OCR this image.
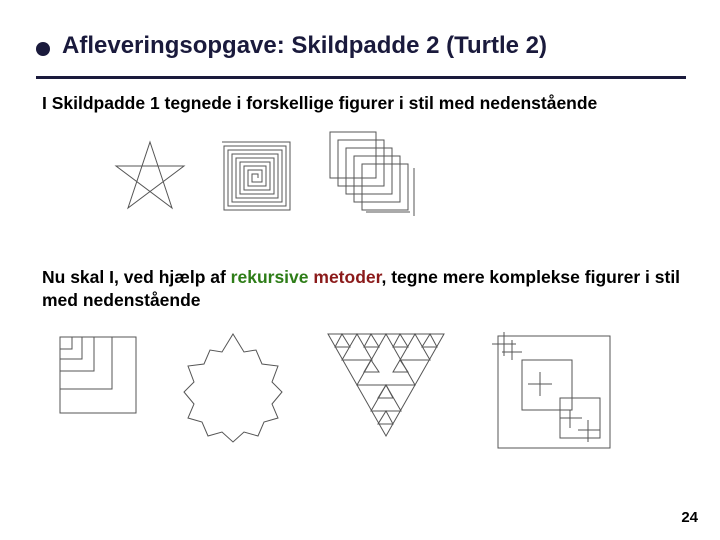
Afleveringsopgave: Skildpadde 2 (Turtle 2)
I Skildpadde 1 tegnede i forskellige figurer i stil med nedenstående
Nu skal I, ved hjælp af rekursive metoder, tegne mere komplekse figurer i stil med nedenstående
24
